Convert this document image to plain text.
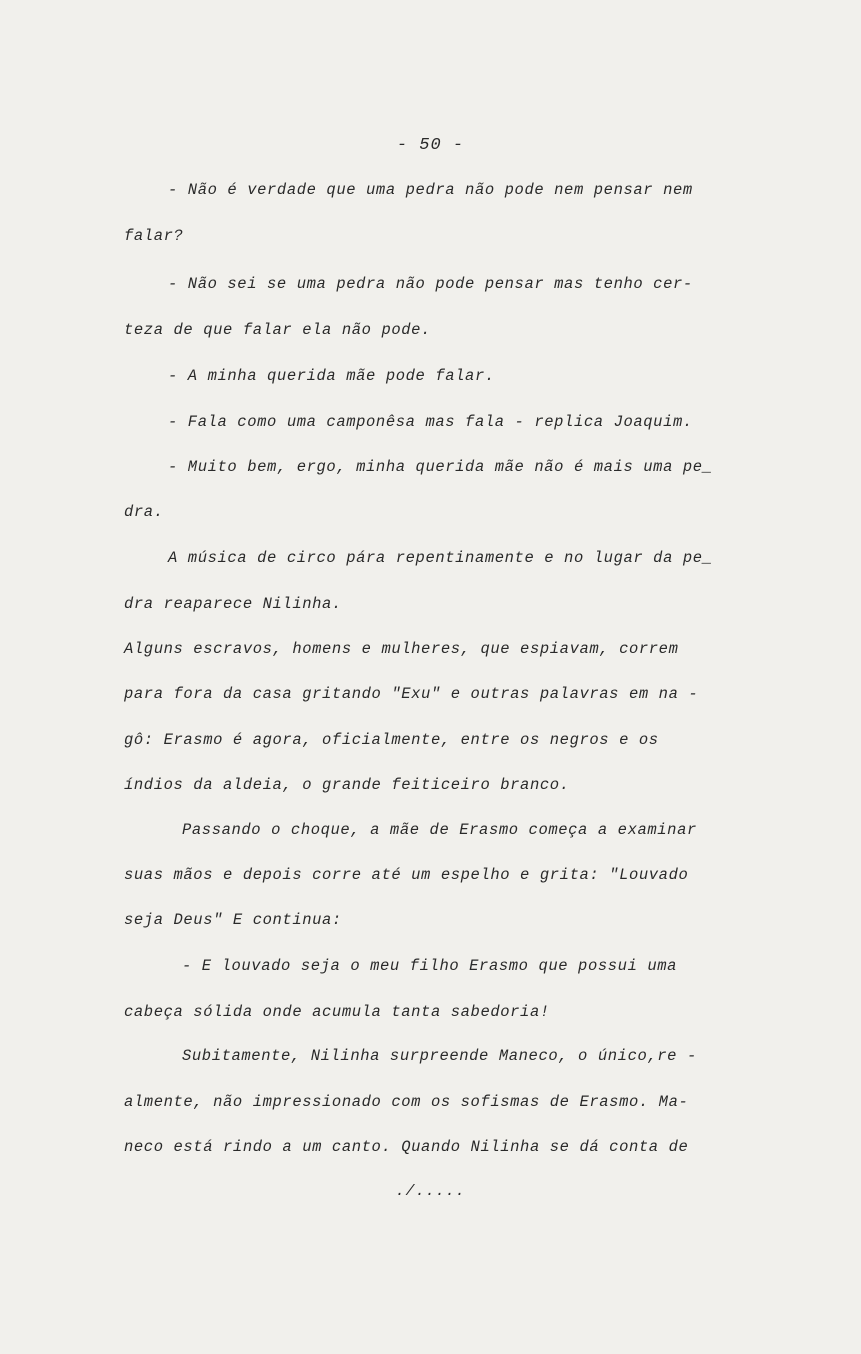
- 50 -
- Não é verdade que uma pedra não pode nem pensar nem
falar?
- Não sei se uma pedra não pode pensar mas tenho cer-
teza de que falar ela não pode.
- A minha querida mãe pode falar.
- Fala como uma camponêsa mas fala - replica Joaquim.
- Muito bem, ergo, minha querida mãe não é mais uma pe_
dra.
A música de circo pára repentinamente e no lugar da pe_
dra reaparece Nilinha.
Alguns escravos, homens e mulheres, que espiavam, correm
para fora da casa gritando "Exu" e outras palavras em na -
gô: Erasmo é agora, oficialmente, entre os negros e os
índios da aldeia, o grande feiticeiro branco.
Passando o choque, a mãe de Erasmo começa a examinar
suas mãos e depois corre até um espelho e grita: "Louvado
seja Deus" E continua:
- E louvado seja o meu filho Erasmo que possui uma
cabeça sólida onde acumula tanta sabedoria!
Subitamente, Nilinha surpreende Maneco, o único,re -
almente, não impressionado com os sofismas de Erasmo. Ma-
neco está rindo a um canto. Quando Nilinha se dá conta de
./.....
